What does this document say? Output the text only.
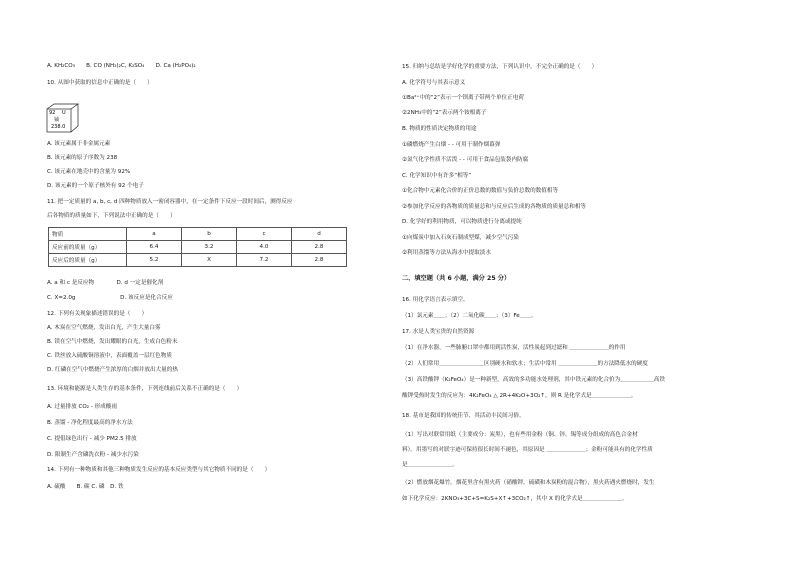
A. KH₂CO₃　　B. CO (NH₂)₂C, K₂SO₄　　D. Ca (H₂PO₄)₂
10. 从图中获取的信息中正确的是（　　）
92 U
铀
238.0
A. 该元素属于非金属元素
B. 该元素的原子序数为 238
C. 该元素在地壳中的含量为 92%
D. 该元素的一个原子核外有 92 个电子
11. 把一定质量的 a, b, c, d 四种物质放入一密闭容器中，在一定条件下反应一段时间后，测得反应
后各物质的质量如下，下列说法中正确的是（　　）
物质	a	b	c	d
反应前的质量（g）	6.4	3.2	4.0	2.8
反应后的质量（g）	5.2	X	7.2	2.8
A. a 和 c 是反应物　　　　D. d 一定是催化剂
C. X=2.0g　　　　　　　　D. 该反应是化合反应
12. 下列有关现象描述错误的是（　　）
A. 木炭在空气燃烧，发出白光，产生大量白雾
B. 镁在空气中燃烧，发出耀眼的白光，生成白色粉末
C. 铁丝放入硫酸铜溶液中，表面覆盖一层红色物质
D. 红磷在空气中燃烧产生浓厚的白烟并放出大量的热
13. 环境和能源是人类生存的基本条件，下列连线前后关系不正确的是（　　）
A. 过量排放 CO₂ - 形成酸雨
B. 蒸馏 - 净化程度最高的净水方法
C. 提倡绿色出行 - 减少 PM2.5 排放
D. 限制生产含磷洗衣粉 - 减少水污染
14. 下列有一种物质和其他三种物质发生反应的基本反应类型与其它物质不同的是（　　）
A. 硫酸　　B. 碳 C. 磷　D. 铁
15. 归纳与总结是学好化学的重要方法，下列认识中，不完全正确的是（　　）
A. 化学符号与其表示意义
①Ba²⁺中的“2”表示一个钡离子带两个单位正电荷
②2NH₃中的“2”表示两个铵根离子
B. 物质的性质决定物质的用途
①磷燃烧产生白烟 - - 可用于制作烟幕弹
②氮气化学性质不活泼 - - 可用于食品包装袋内防腐
C. 化学知识中有许多“相等”
①化合物中元素化合价的正价总数的数值与负价总数的数值相等
②参加化学反应的各物质的质量总和与反应后生成的各物质的质量总和相等
D. 化学好的利用物质，可以物质进行分离或提纯
①向煤炭中加入石灰石制成型煤，减少空气污染
②利用蒸馏等方法从海水中提取淡水
二、填空题（共 6 小题，满分 25 分）
16. 用化学语言表示填空。
（1）氯元素＿＿；（2）二氧化碳＿＿；（3）Fe＿＿。
17. 水是人类宝贵的自然资源
（1）在净水器，一些肺腑口罩中都用到活性炭，活性炭起到过滤和 ＿＿＿＿＿＿＿的作用
（2）人们常用＿＿＿＿＿＿＿＿区别硬水和软水；生活中常用 ＿＿＿＿＿＿＿的方法降低水的硬度
（3）高铁酸钾（K₂FeO₄）是一种新型，高效的多功能水处理剂，其中铁元素的化合价为＿＿＿＿＿＿高铁
酸钾受热时发生的反应为：4K₂FeO₄ △ 2R+4K₂O+3O₂↑，则 R 是化学式是＿＿＿＿＿＿＿。
18. 基市是我国的传统佳节，其活动丰民间习俗。
（1）写出对联常用纸（主要成分：炭黑），也有些用金粉（铜、锌、锡等成分组成的高色合金材
料）。用墨写的对联字迹可保持很长时间不褪色，其原因是 ＿＿＿＿＿＿＿；金粉可能具有的化学性质
是＿＿＿＿＿＿＿＿。
（2）燃放烟花爆竹。烟花里含有黑火药（硝酸钾、硫磺和木炭粉的混合物），黑火药遇火燃烧时，发生
如下化学反应：2KNO₃+3C+S=K₂S+X↑+3CO₂↑，其中 X 的化学式是＿＿＿＿＿＿＿。
